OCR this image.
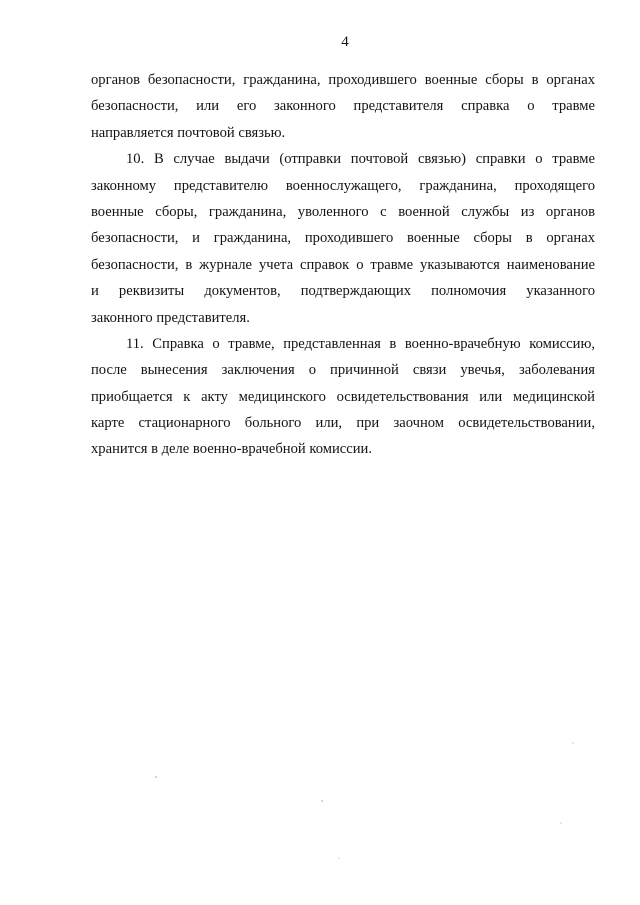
4
органов безопасности, гражданина, проходившего военные сборы в органах
безопасности, или его законного представителя справка о травме
направляется почтовой связью.
10. В случае выдачи (отправки почтовой связью) справки о травме
законному представителю военнослужащего, гражданина, проходящего
военные сборы, гражданина, уволенного с военной службы из органов
безопасности, и гражданина, проходившего военные сборы в органах
безопасности, в журнале учета справок о травме указываются наименование
и реквизиты документов, подтверждающих полномочия указанного
законного представителя.
11. Справка о травме, представленная в военно-врачебную комиссию,
после вынесения заключения о причинной связи увечья, заболевания
приобщается к акту медицинского освидетельствования или медицинской
карте стационарного больного или, при заочном освидетельствовании,
хранится в деле военно-врачебной комиссии.
